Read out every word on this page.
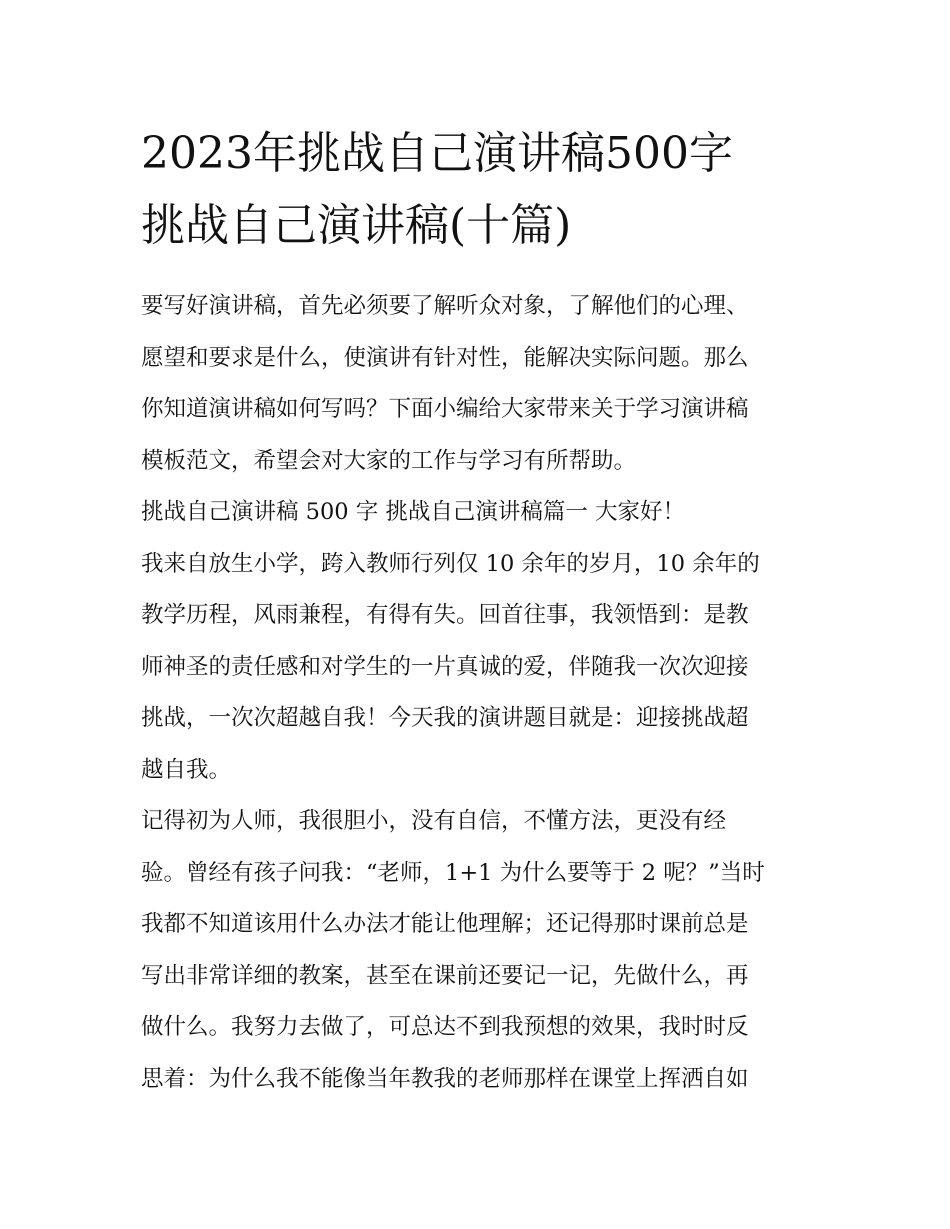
2023年挑战自己演讲稿500字
挑战自己演讲稿(十篇)

要写好演讲稿，首先必须要了解听众对象，了解他们的心理、
愿望和要求是什么，使演讲有针对性，能解决实际问题。那么
你知道演讲稿如何写吗？下面小编给大家带来关于学习演讲稿
模板范文，希望会对大家的工作与学习有所帮助。

挑战自己演讲稿 500 字 挑战自己演讲稿篇一 大家好！

我来自放生小学，跨入教师行列仅 10 余年的岁月，10 余年的
教学历程，风雨兼程，有得有失。回首往事，我领悟到：是教
师神圣的责任感和对学生的一片真诚的爱，伴随我一次次迎接
挑战，一次次超越自我！今天我的演讲题目就是：迎接挑战超
越自我。

记得初为人师，我很胆小，没有自信，不懂方法，更没有经
验。曾经有孩子问我：“老师，1+1 为什么要等于 2 呢？”当时
我都不知道该用什么办法才能让他理解；还记得那时课前总是
写出非常详细的教案，甚至在课前还要记一记，先做什么，再
做什么。我努力去做了，可总达不到我预想的效果，我时时反
思着：为什么我不能像当年教我的老师那样在课堂上挥洒自如
